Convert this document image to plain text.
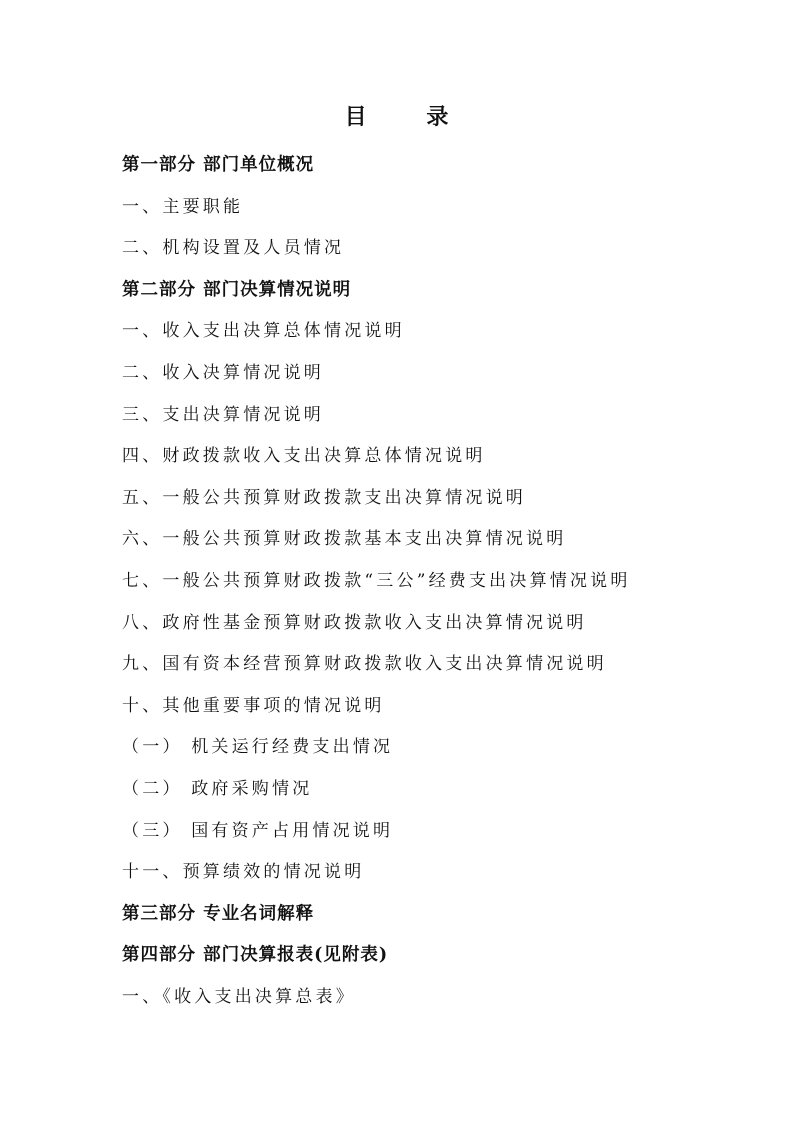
目 录
第一部分 部门单位概况
一、主要职能
二、机构设置及人员情况
第二部分 部门决算情况说明
一、收入支出决算总体情况说明
二、收入决算情况说明
三、支出决算情况说明
四、财政拨款收入支出决算总体情况说明
五、一般公共预算财政拨款支出决算情况说明
六、一般公共预算财政拨款基本支出决算情况说明
七、一般公共预算财政拨款“三公”经费支出决算情况说明
八、政府性基金预算财政拨款收入支出决算情况说明
九、国有资本经营预算财政拨款收入支出决算情况说明
十、其他重要事项的情况说明
（一） 机关运行经费支出情况
（二） 政府采购情况
（三） 国有资产占用情况说明
十一、预算绩效的情况说明
第三部分 专业名词解释
第四部分 部门决算报表(见附表)
一、《收入支出决算总表》
